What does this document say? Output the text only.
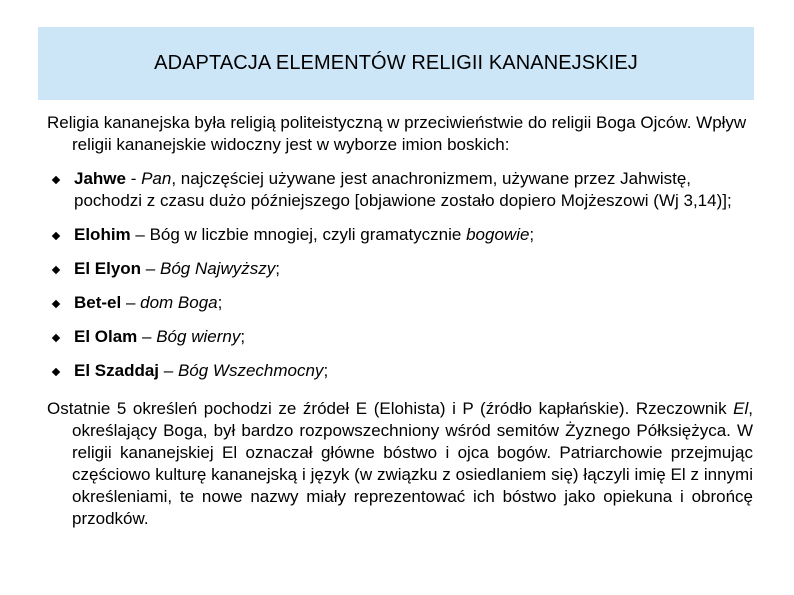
ADAPTACJA ELEMENTÓW RELIGII KANANEJSKIEJ

Religia kananejska była religią politeistyczną w przeciwieństwie do religii Boga Ojców. Wpływ religii kananejskie widoczny jest w wyborze imion boskich:

Jahwe - Pan, najczęściej używane jest anachronizmem, używane przez Jahwistę, pochodzi z czasu dużo późniejszego [objawione zostało dopiero Mojżeszowi (Wj 3,14)];
Elohim – Bóg w liczbie mnogiej, czyli gramatycznie bogowie;
El Elyon – Bóg Najwyższy;
Bet-el – dom Boga;
El Olam – Bóg wierny;
El Szaddaj – Bóg Wszechmocny;

Ostatnie 5 określeń pochodzi ze źródeł E (Elohista) i P (źródło kapłańskie). Rzeczownik El, określający Boga, był bardzo rozpowszechniony wśród semitów Żyznego Półksiężyca. W religii kananejskiej El oznaczał główne bóstwo i ojca bogów. Patriarchowie przejmując częściowo kulturę kananejską i język (w związku z osiedlaniem się) łączyli imię El z innymi określeniami, te nowe nazwy miały reprezentować ich bóstwo jako opiekuna i obrońcę przodków.
